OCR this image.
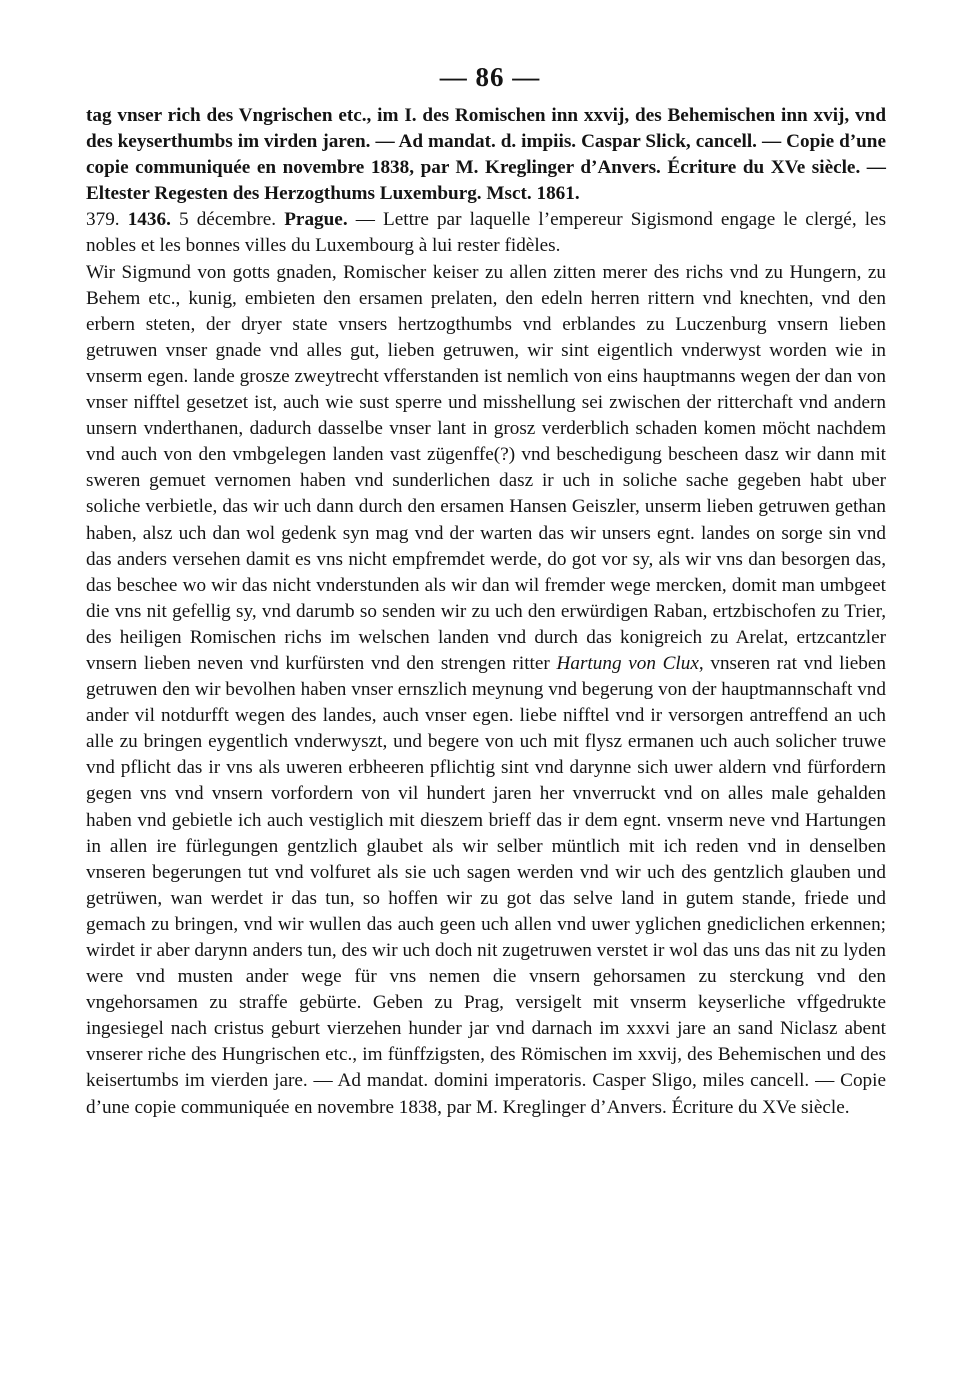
— 86 —

tag vnser rich des Vngrischen etc., im I. des Romischen inn xxvij, des Behemischen inn xvij, vnd des keyserthumbs im virden jaren. — Ad mandat. d. impiis. Caspar Slick, cancell. — Copie d’une copie communiquée en novembre 1838, par M. Kreglinger d’Anvers. Écriture du XVe siècle. — Eltester Regesten des Herzogthums Luxemburg. Msct. 1861.

379. 1436. 5 décembre. Prague. — Lettre par laquelle l’empereur Sigismond engage le clergé, les nobles et les bonnes villes du Luxembourg à lui rester fidèles.

Wir Sigmund von gotts gnaden, Romischer keiser zu allen zitten merer des richs vnd zu Hungern, zu Behem etc., kunig, embieten den ersamen prelaten, den edeln herren rittern vnd knechten, vnd den erbern steten, der dryer state vnsers hertzogthumbs vnd erblandes zu Luczenburg vnsern lieben getruwen vnser gnade vnd alles gut, lieben getruwen, wir sint eigentlich vnderwyst worden wie in vnserm egen. lande grosze zweytrecht vfferstanden ist nemlich von eins hauptmanns wegen der dan von vnser nifftel gesetzet ist, auch wie sust sperre und misshellung sei zwischen der ritterchaft vnd andern unsern vnderthanen, dadurch dasselbe vnser lant in grosz verderblich schaden komen möcht nachdem vnd auch von den vmbgelegen landen vast zügenffe(?) vnd beschedigung bescheen dasz wir dann mit sweren gemuet vernomen haben vnd sunderlichen dasz ir uch in soliche sache gegeben habt uber soliche verbietle, das wir uch dann durch den ersamen Hansen Geiszler, unserm lieben getruwen gethan haben, alsz uch dan wol gedenk syn mag vnd der warten das wir unsers egnt. landes on sorge sin vnd das anders versehen damit es vns nicht empfremdet werde, do got vor sy, als wir vns dan besorgen das, das beschee wo wir das nicht vnderstunden als wir dan wil fremder wege mercken, domit man umbgeet die vns nit gefellig sy, vnd darumb so senden wir zu uch den erwürdigen Raban, ertzbischofen zu Trier, des heiligen Romischen richs im welschen landen vnd durch das konigreich zu Arelat, ertzcantzler vnsern lieben neven vnd kurfürsten vnd den strengen ritter Hartung von Clux, vnseren rat vnd lieben getruwen den wir bevolhen haben vnser ernszlich meynung vnd begerung von der hauptmannschaft vnd ander vil notdurfft wegen des landes, auch vnser egen. liebe nifftel vnd ir versorgen antreffend an uch alle zu bringen eygentlich vnderwyszt, und begere von uch mit flysz ermanen uch auch solicher truwe vnd pflicht das ir vns als uweren erbheeren pflichtig sint vnd darynne sich uwer aldern vnd fürfordern gegen vns vnd vnsern vorfordern von vil hundert jaren her vnverruckt vnd on alles male gehalden haben vnd gebietle ich auch vestiglich mit dieszem brieff das ir dem egnt. vnserm neve vnd Hartungen in allen ire fürlegungen gentzlich glaubet als wir selber müntlich mit ich reden vnd in denselben vnseren begerungen tut vnd volfuret als sie uch sagen werden vnd wir uch des gentzlich glauben und getrüwen, wan werdet ir das tun, so hoffen wir zu got das selve land in gutem stande, friede und gemach zu bringen, vnd wir wullen das auch geen uch allen vnd uwer yglichen gnediclichen erkennen; wirdet ir aber darynn anders tun, des wir uch doch nit zugetruwen verstet ir wol das uns das nit zu lyden were vnd musten ander wege für vns nemen die vnsern gehorsamen zu sterckung vnd den vngehorsamen zu straffe gebürte. Geben zu Prag, versigelt mit vnserm keyserliche vffgedrukte ingesiegel nach cristus geburt vierzehen hunder jar vnd darnach im xxxvi jare an sand Niclasz abent vnserer riche des Hungrischen etc., im fünffzigsten, des Römischen im xxvij, des Behemischen und des keisertumbs im vierden jare. — Ad mandat. domini imperatoris. Casper Sligo, miles cancell. — Copie d’une copie communiquée en novembre 1838, par M. Kreglinger d’Anvers. Écriture du XVe siècle.
